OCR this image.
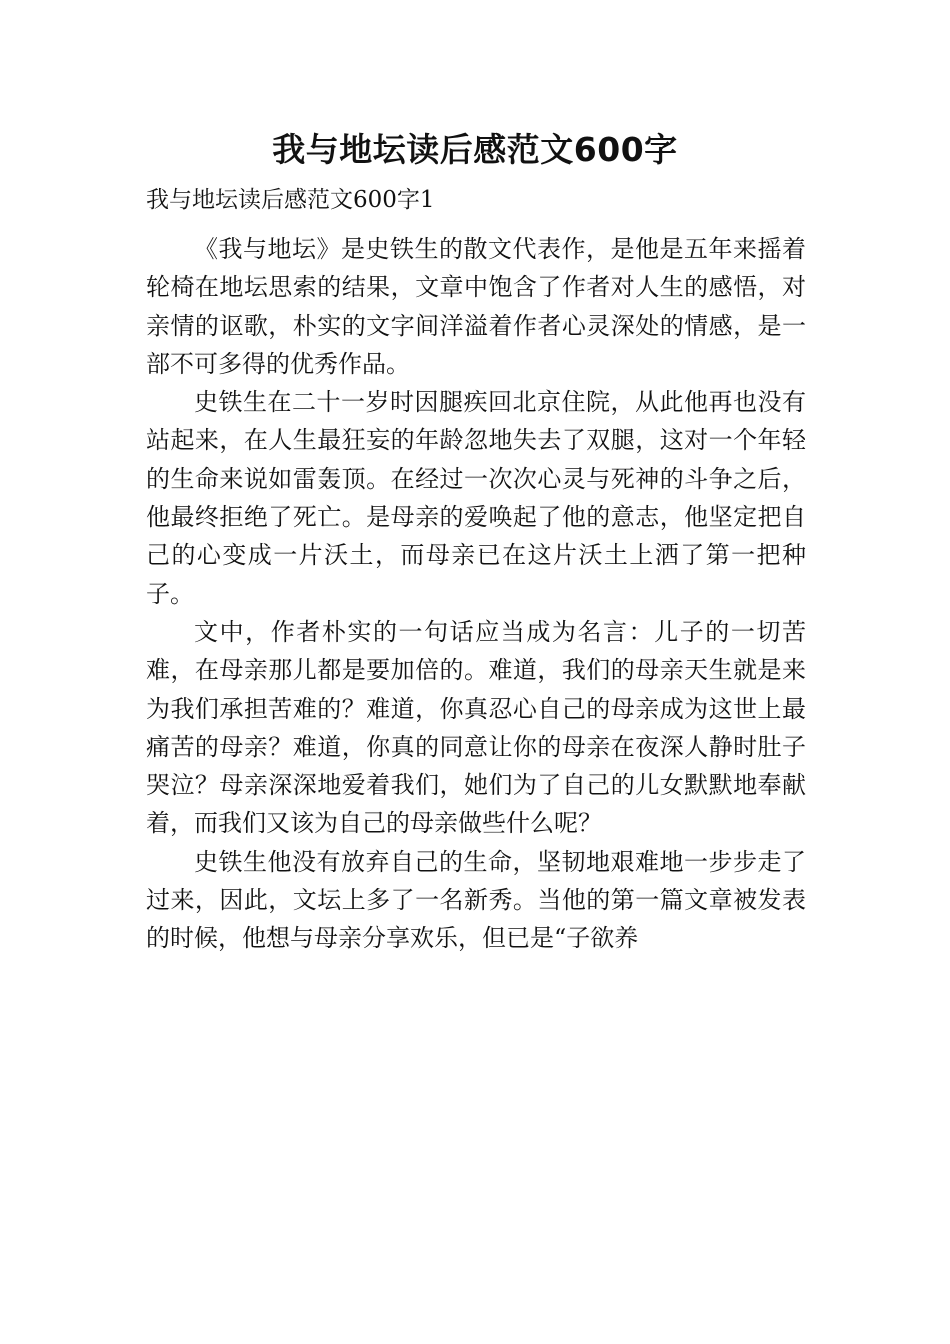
我与地坛读后感范文600字

我与地坛读后感范文600字1

《我与地坛》是史铁生的散文代表作，是他是五年来摇着轮椅在地坛思索的结果，文章中饱含了作者对人生的感悟，对亲情的讴歌，朴实的文字间洋溢着作者心灵深处的情感，是一部不可多得的优秀作品。

史铁生在二十一岁时因腿疾回北京住院，从此他再也没有站起来，在人生最狂妄的年龄忽地失去了双腿，这对一个年轻的生命来说如雷轰顶。在经过一次次心灵与死神的斗争之后，他最终拒绝了死亡。是母亲的爱唤起了他的意志，他坚定把自己的心变成一片沃土，而母亲已在这片沃土上洒了第一把种子。

文中，作者朴实的一句话应当成为名言：儿子的一切苦难，在母亲那儿都是要加倍的。难道，我们的母亲天生就是来为我们承担苦难的？难道，你真忍心自己的母亲成为这世上最痛苦的母亲？难道，你真的同意让你的母亲在夜深人静时肚子哭泣？母亲深深地爱着我们，她们为了自己的儿女默默地奉献着，而我们又该为自己的母亲做些什么呢？

史铁生他没有放弃自己的生命，坚韧地艰难地一步步走了过来，因此，文坛上多了一名新秀。当他的第一篇文章被发表的时候，他想与母亲分享欢乐，但已是“子欲养
